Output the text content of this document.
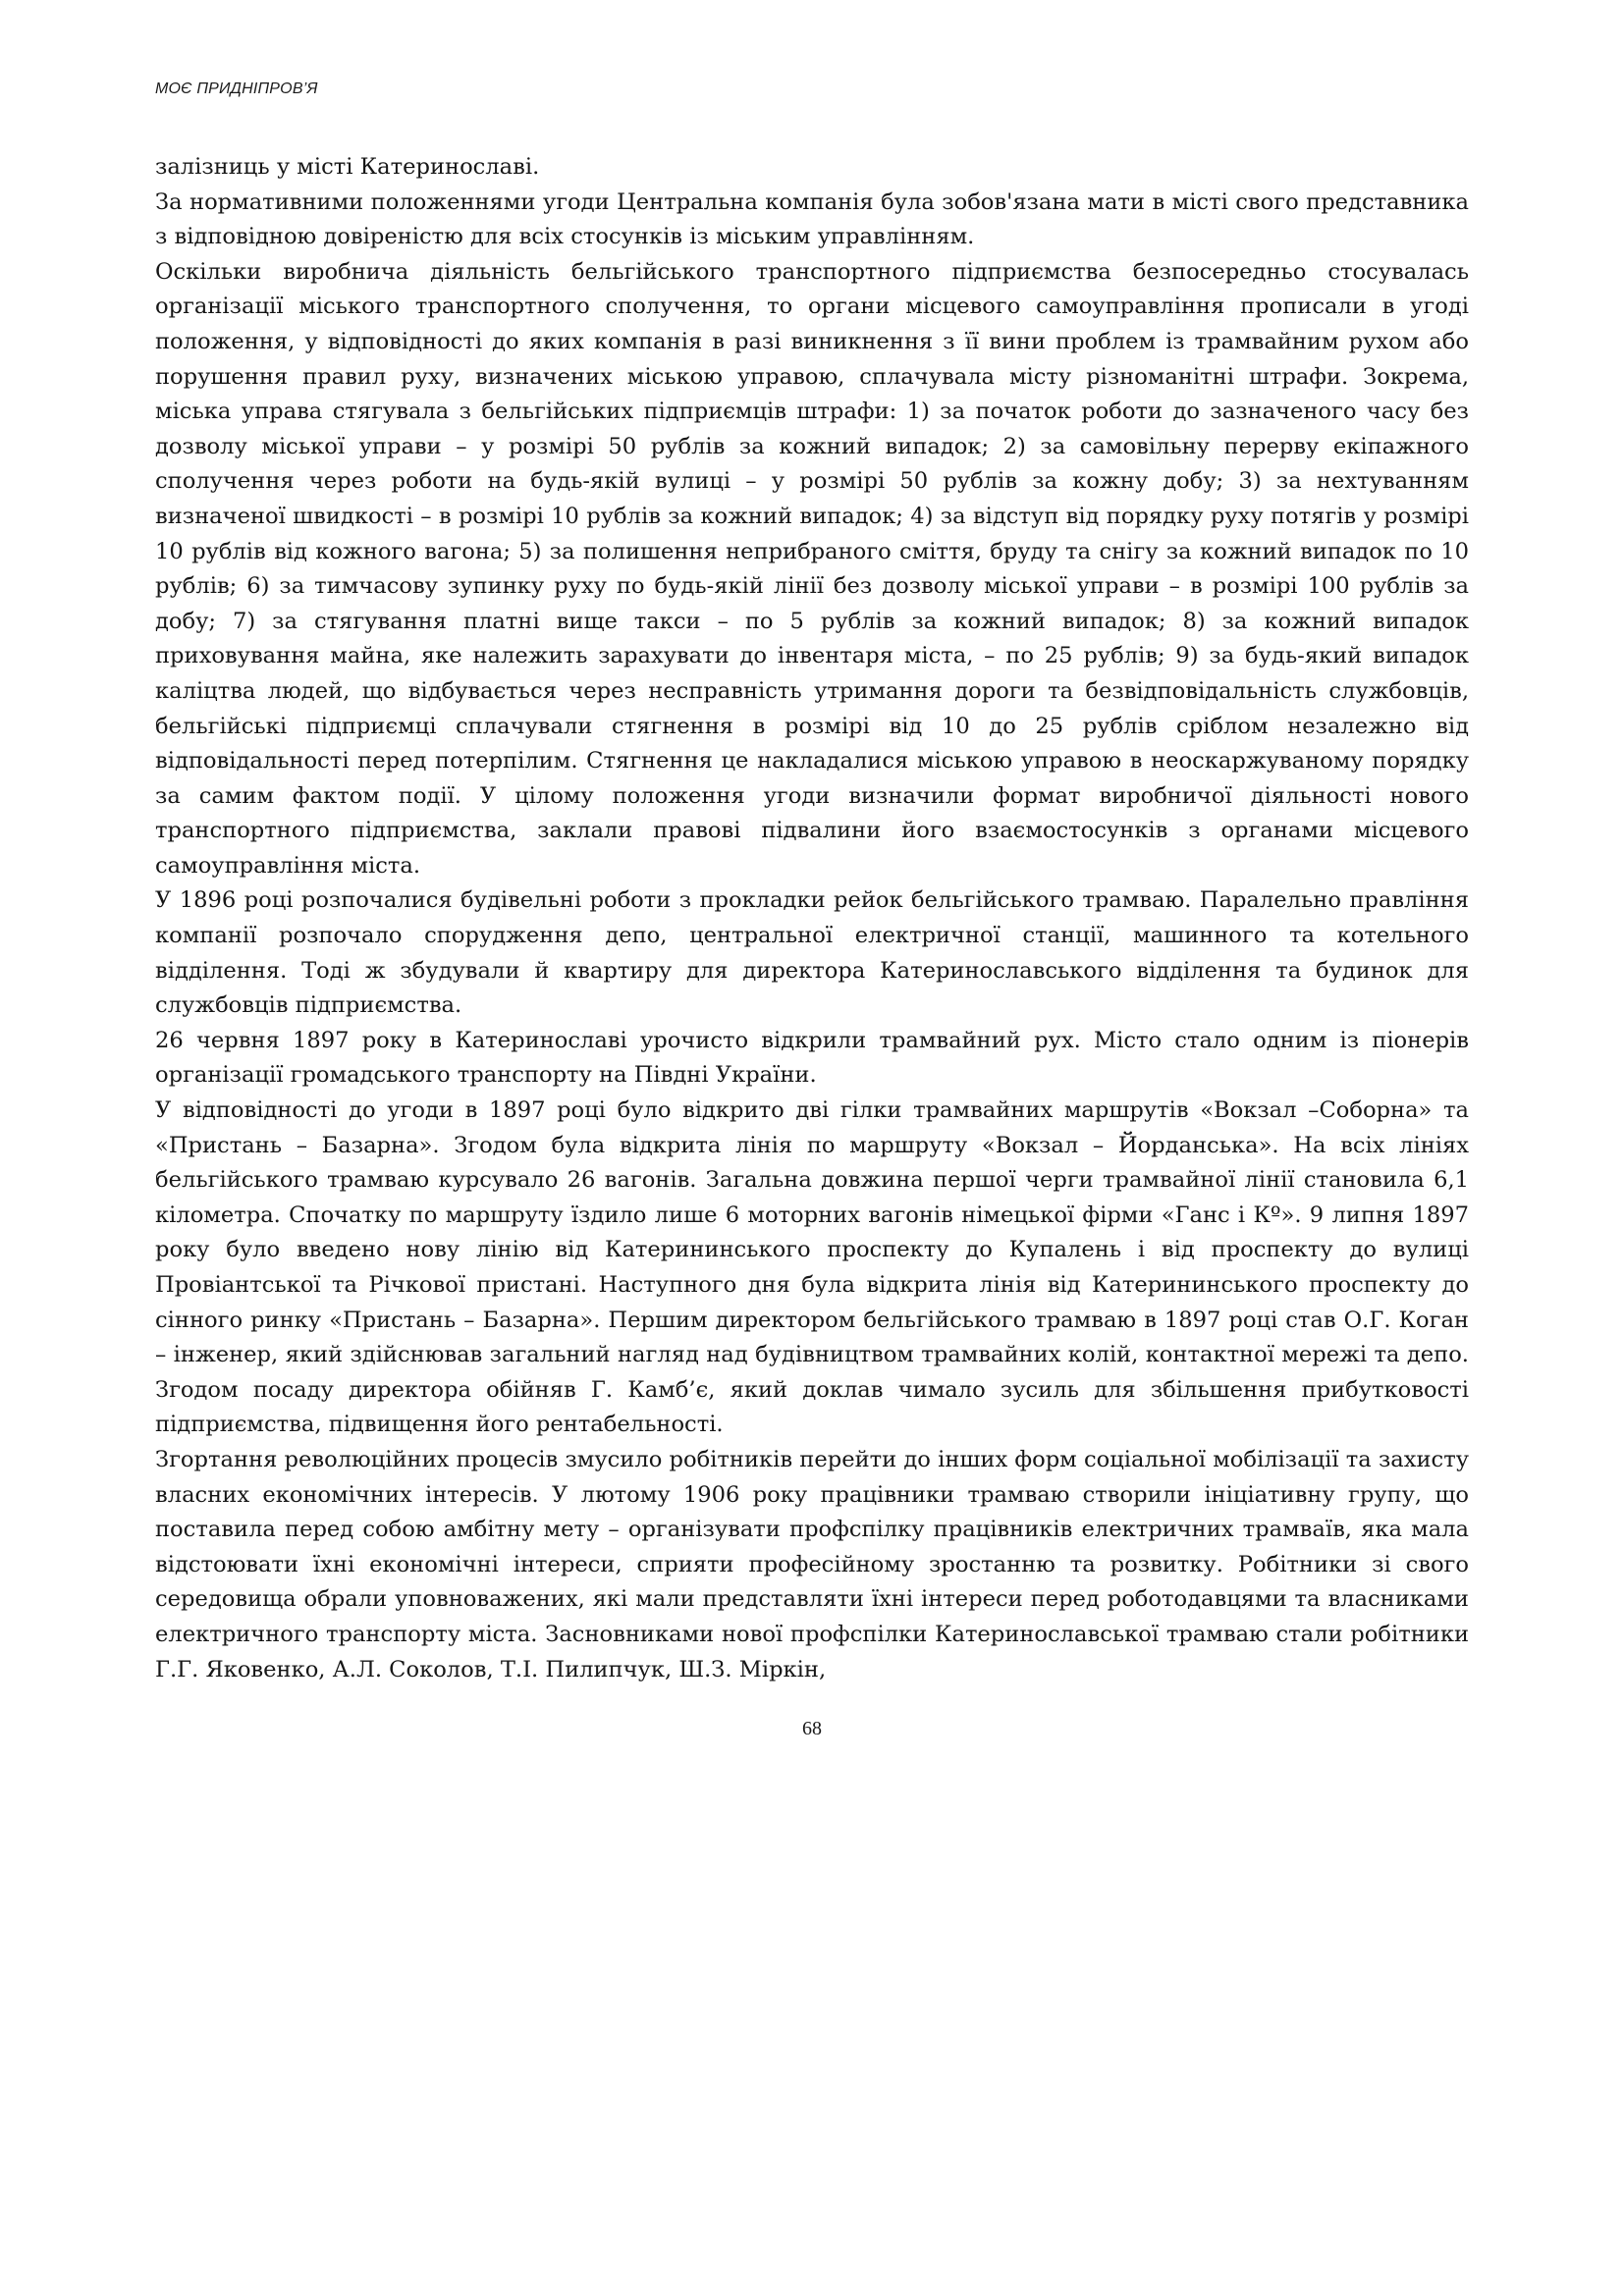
МОЄ ПРИДНІПРОВ’Я

залізниць у місті Катеринославі.

За нормативними положеннями угоди Центральна компанія була зобов'язана мати в місті свого представника з відповідною довіреністю для всіх стосунків із міським управлінням.

Оскільки виробнича діяльність бельгійського транспортного підприємства безпосередньо стосувалась організації міського транспортного сполучення, то органи місцевого самоуправління прописали в угоді положення, у відповідності до яких компанія в разі виникнення з її вини проблем із трамвайним рухом або порушення правил руху, визначених міською управою, сплачувала місту різноманітні штрафи. Зокрема, міська управа стягувала з бельгійських підприємців штрафи: 1) за початок роботи до зазначеного часу без дозволу міської управи – у розмірі 50 рублів за кожний випадок; 2) за самовільну перерву екіпажного сполучення через роботи на будь-якій вулиці – у розмірі 50 рублів за кожну добу; 3) за нехтуванням визначеної швидкості – в розмірі 10 рублів за кожний випадок; 4) за відступ від порядку руху потягів у розмірі 10 рублів від кожного вагона; 5) за полишення неприбраного сміття, бруду та снігу за кожний випадок по 10 рублів; 6) за тимчасову зупинку руху по будь-якій лінії без дозволу міської управи – в розмірі 100 рублів за добу; 7) за стягування платні вище такси – по 5 рублів за кожний випадок; 8) за кожний випадок приховування майна, яке належить зарахувати до інвентаря міста, – по 25 рублів; 9) за будь-який випадок каліцтва людей, що відбувається через несправність утримання дороги та безвідповідальність службовців, бельгійські підприємці сплачували стягнення в розмірі від 10 до 25 рублів сріблом незалежно від відповідальності перед потерпілим. Стягнення це накладалися міською управою в неоскаржуваному порядку за самим фактом події. У цілому положення угоди визначили формат виробничої діяльності нового транспортного підприємства, заклали правові підвалини його взаємостосунків з органами місцевого самоуправління міста.

У 1896 році розпочалися будівельні роботи з прокладки рейок бельгійського трамваю. Паралельно правління компанії розпочало спорудження депо, центральної електричної станції, машинного та котельного відділення. Тоді ж збудували й квартиру для директора Катеринославського відділення та будинок для службовців підприємства.

26 червня 1897 року в Катеринославі урочисто відкрили трамвайний рух. Місто стало одним із піонерів організації громадського транспорту на Півдні України.

У відповідності до угоди в 1897 році було відкрито дві гілки трамвайних маршрутів «Вокзал –Соборна» та «Пристань – Базарна». Згодом була відкрита лінія по маршруту «Вокзал – Йорданська». На всіх лініях бельгійського трамваю курсувало 26 вагонів. Загальна довжина першої черги трамвайної лінії становила 6,1 кілометра. Спочатку по маршруту їздило лише 6 моторних вагонів німецької фірми «Ганс і Кº». 9 липня 1897 року було введено нову лінію від Катерининського проспекту до Купалень і від проспекту до вулиці Провіантської та Річкової пристані. Наступного дня була відкрита лінія від Катерининського проспекту до сінного ринку «Пристань – Базарна». Першим директором бельгійського трамваю в 1897 році став О.Г. Коган – інженер, який здійснював загальний нагляд над будівництвом трамвайних колій, контактної мережі та депо. Згодом посаду директора обійняв Г. Камб’є, який доклав чимало зусиль для збільшення прибутковості підприємства, підвищення його рентабельності.

Згортання революційних процесів змусило робітників перейти до інших форм соціальної мобілізації та захисту власних економічних інтересів. У лютому 1906 року працівники трамваю створили ініціативну групу, що поставила перед собою амбітну мету – організувати профспілку працівників електричних трамваїв, яка мала відстоювати їхні економічні інтереси, сприяти професійному зростанню та розвитку. Робітники зі свого середовища обрали уповноважених, які мали представляти їхні інтереси перед роботодавцями та власниками електричного транспорту міста. Засновниками нової профспілки Катеринославської трамваю стали робітники Г.Г. Яковенко, А.Л. Соколов, Т.І. Пилипчук, Ш.З. Міркін,

68
